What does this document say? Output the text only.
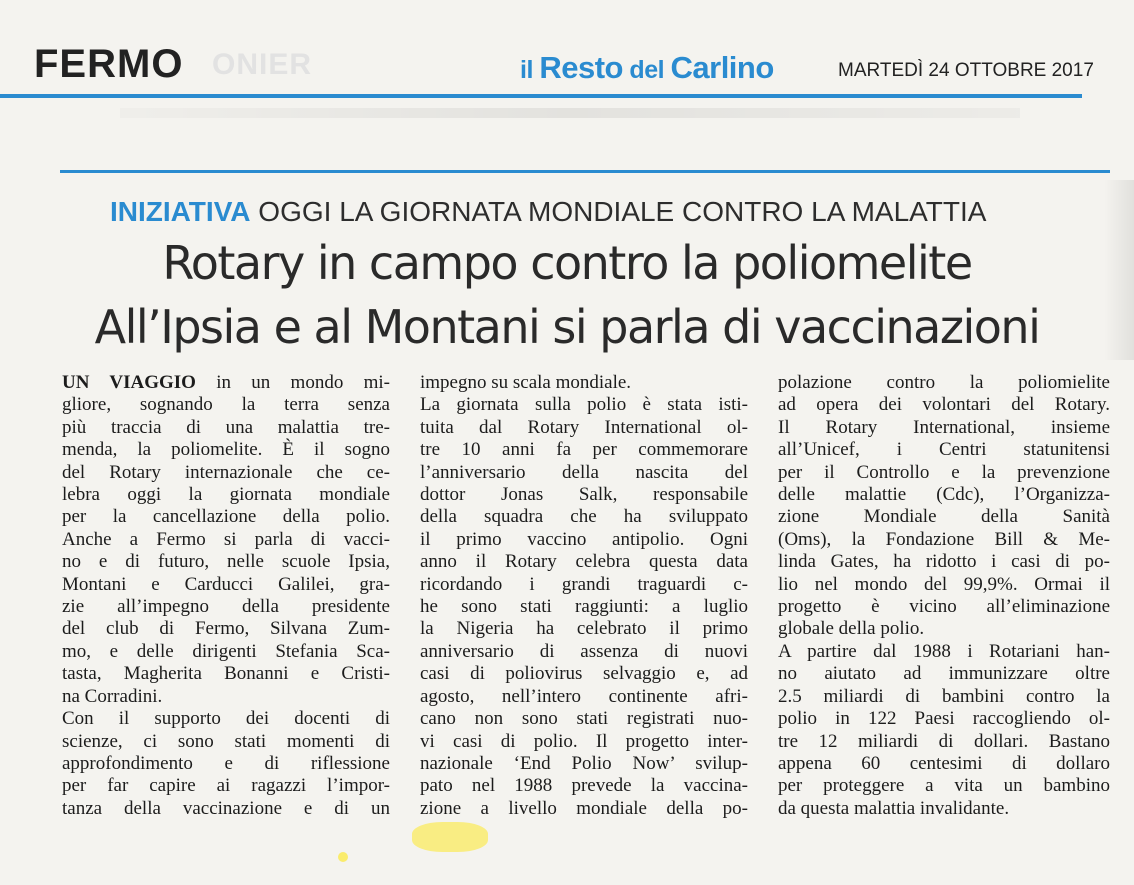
FERMO ONIER	il Resto del Carlino	MARTEDÌ 24 OTTOBRE 2017
INIZIATIVA OGGI LA GIORNATA MONDIALE CONTRO LA MALATTIA
Rotary in campo contro la poliomelite
All’Ipsia e al Montani si parla di vaccinazioni
UN VIAGGIO in un mondo mi-
gliore, sognando la terra senza
più traccia di una malattia tre-
menda, la poliomelite. È il sogno
del Rotary internazionale che ce-
lebra oggi la giornata mondiale
per la cancellazione della polio.
Anche a Fermo si parla di vacci-
no e di futuro, nelle scuole Ipsia,
Montani e Carducci Galilei, gra-
zie all’impegno della presidente
del club di Fermo, Silvana Zum-
mo, e delle dirigenti Stefania Sca-
tasta, Magherita Bonanni e Cristi-
na Corradini.
Con il supporto dei docenti di
scienze, ci sono stati momenti di
approfondimento e di riflessione
per far capire ai ragazzi l’impor-
tanza della vaccinazione e di un
impegno su scala mondiale.
La giornata sulla polio è stata isti-
tuita dal Rotary International ol-
tre 10 anni fa per commemorare
l’anniversario della nascita del
dottor Jonas Salk, responsabile
della squadra che ha sviluppato
il primo vaccino antipolio. Ogni
anno il Rotary celebra questa data
ricordando i grandi traguardi c-
he sono stati raggiunti: a luglio
la Nigeria ha celebrato il primo
anniversario di assenza di nuovi
casi di poliovirus selvaggio e, ad
agosto, nell’intero continente afri-
cano non sono stati registrati nuo-
vi casi di polio. Il progetto inter-
nazionale ‘End Polio Now’ svilup-
pato nel 1988 prevede la vaccina-
zione a livello mondiale della po-
polazione contro la poliomielite
ad opera dei volontari del Rotary.
Il Rotary International, insieme
all’Unicef, i Centri statunitensi
per il Controllo e la prevenzione
delle malattie (Cdc), l’Organizza-
zione Mondiale della Sanità
(Oms), la Fondazione Bill & Me-
linda Gates, ha ridotto i casi di po-
lio nel mondo del 99,9%. Ormai il
progetto è vicino all’eliminazione
globale della polio.
A partire dal 1988 i Rotariani han-
no aiutato ad immunizzare oltre
2.5 miliardi di bambini contro la
polio in 122 Paesi raccogliendo ol-
tre 12 miliardi di dollari. Bastano
appena 60 centesimi di dollaro
per proteggere a vita un bambino
da questa malattia invalidante.
